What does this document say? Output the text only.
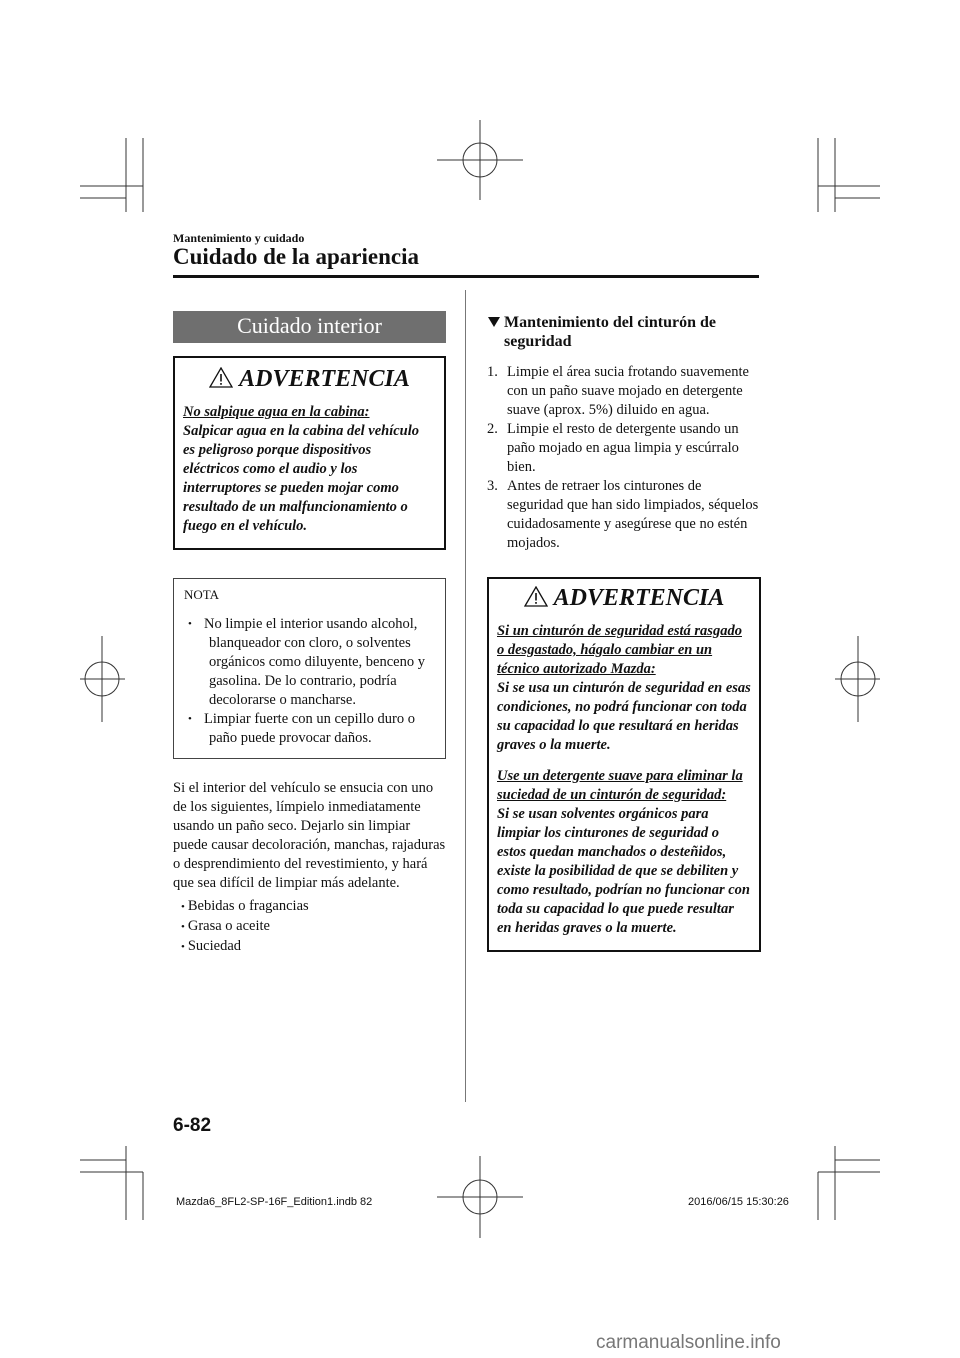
Mantenimiento y cuidado
Cuidado de la apariencia
Cuidado interior
ADVERTENCIA
No salpique agua en la cabina:
Salpicar agua en la cabina del vehículo
es peligroso porque dispositivos
eléctricos como el audio y los
interruptores se pueden mojar como
resultado de un malfuncionamiento o
fuego en el vehículo.
NOTA
• No limpie el interior usando alcohol, blanqueador con cloro, o solventes orgánicos como diluyente, benceno y gasolina. De lo contrario, podría decolorarse o mancharse.
• Limpiar fuerte con un cepillo duro o paño puede provocar daños.
Si el interior del vehículo se ensucia con uno de los siguientes, límpielo inmediatamente usando un paño seco. Dejarlo sin limpiar puede causar decoloración, manchas, rajaduras o desprendimiento del revestimiento, y hará que sea difícil de limpiar más adelante.
• Bebidas o fragancias
• Grasa o aceite
• Suciedad
Mantenimiento del cinturón de seguridad
1. Limpie el área sucia frotando suavemente con un paño suave mojado en detergente suave (aprox. 5%) diluido en agua.
2. Limpie el resto de detergente usando un paño mojado en agua limpia y escúrralo bien.
3. Antes de retraer los cinturones de seguridad que han sido limpiados, séquelos cuidadosamente y asegúrese que no estén mojados.
ADVERTENCIA
Si un cinturón de seguridad está rasgado o desgastado, hágalo cambiar en un técnico autorizado Mazda:
Si se usa un cinturón de seguridad en esas condiciones, no podrá funcionar con toda su capacidad lo que resultará en heridas graves o la muerte.
Use un detergente suave para eliminar la suciedad de un cinturón de seguridad:
Si se usan solventes orgánicos para limpiar los cinturones de seguridad o estos quedan manchados o desteñidos, existe la posibilidad de que se debiliten y como resultado, podrían no funcionar con toda su capacidad lo que puede resultar en heridas graves o la muerte.
6-82
Mazda6_8FL2-SP-16F_Edition1.indb 82	2016/06/15 15:30:26
carmanualsonline.info
